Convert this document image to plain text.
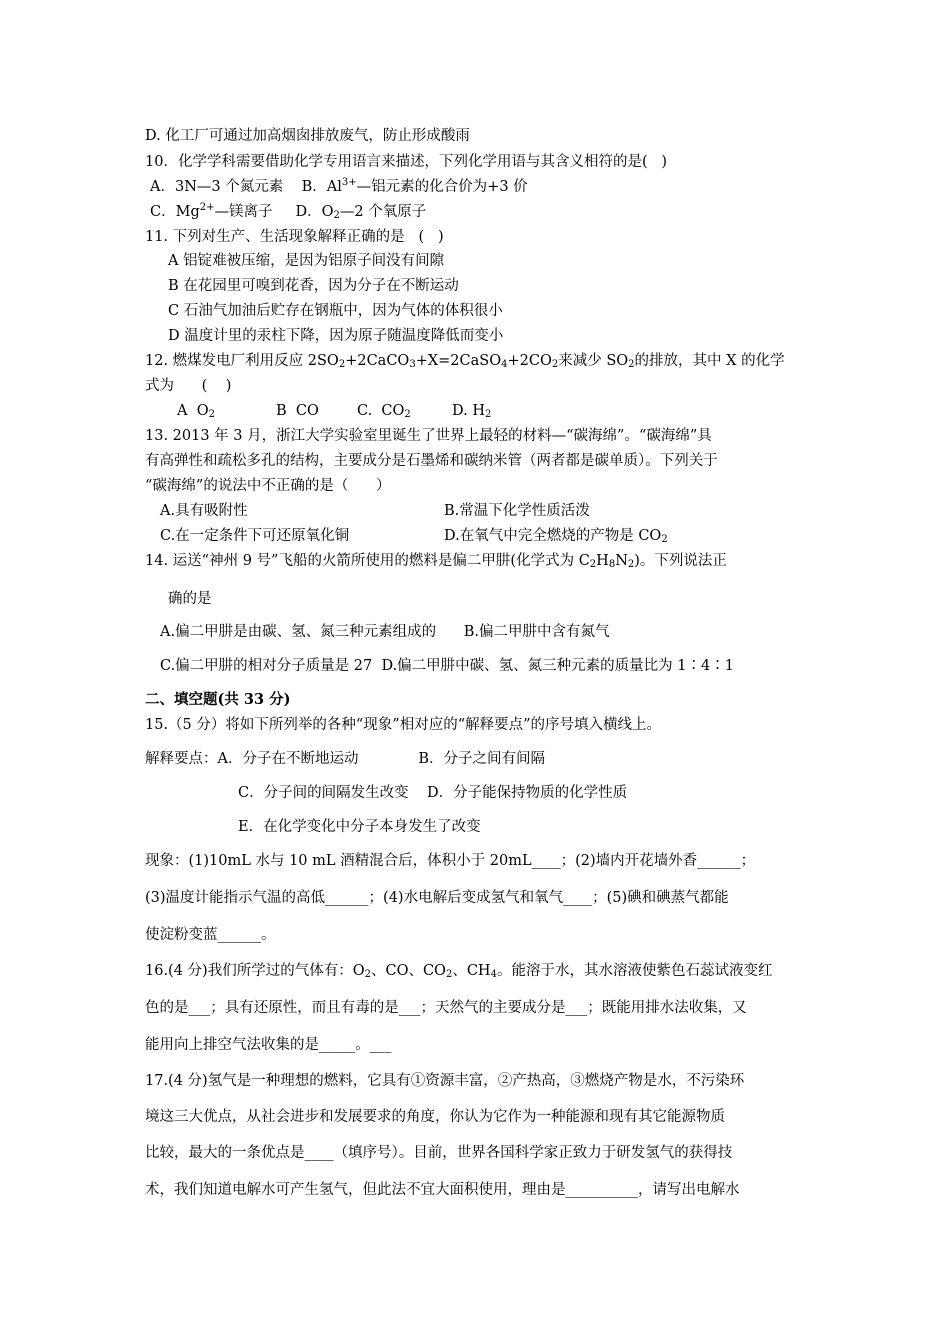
D. 化工厂可通过加高烟囱排放废气，防止形成酸雨
10．化学学科需要借助化学专用语言来描述，下列化学用语与其含义相符的是(   )
A．3N—3 个氮元素    B．$Al^{3+}—$铝元素的化合价为+3 价
C．$Mg^{2+}—$镁离子     D．$O_2—2$ 个氧原子
11. 下列对生产、生活现象解释正确的是   (   )
A 铝锭难被压缩，是因为铝原子间没有间隙
B 在花园里可嗅到花香，因为分子在不断运动
C 石油气加油后贮存在钢瓶中，因为气体的体积很小
D 温度计里的汞柱下降，因为原子随温度降低而变小
12. 燃煤发电厂利用反应 $2SO_2+2CaCO_3+X=2CaSO_4+2CO_2$来减少 $SO_2$的排放，其中 X 的化学
式为      (    )
A  $O_2$	B  CO	C.  $CO_2$	D. $H_2$
13. 2013 年 3 月，浙江大学实验室里诞生了世界上最轻的材料—“碳海绵”。“碳海绵”具
有高弹性和疏松多孔的结构，主要成分是石墨烯和碳纳米管（两者都是碳单质）。下列关于
“碳海绵”的说法中不正确的是（      ）
A.具有吸附性	B.常温下化学性质活泼
C.在一定条件下可还原氧化铜	D.在氧气中完全燃烧的产物是 $CO_2$
14. 运送“神州 9 号”飞船的火箭所使用的燃料是偏二甲肼(化学式为 $C_2H_8N_2$)。下列说法正
确的是
A.偏二甲肼是由碳、氢、氮三种元素组成的      B.偏二甲肼中含有氮气
C.偏二甲肼的相对分子质量是 27  D.偏二甲肼中碳、氢、氮三种元素的质量比为 1∶4∶1
二、填空题(共 33 分)
15.（5 分）将如下所列举的各种“现象”相对应的“解释要点”的序号填入横线上。
解释要点：A．分子在不断地运动             B．分子之间有间隔
C．分子间的间隔发生改变    D．分子能保持物质的化学性质
E．在化学变化中分子本身发生了改变
现象：(1)10mL 水与 10 mL 酒精混合后，体积小于 20mL____；(2)墙内开花墙外香______；
(3)温度计能指示气温的高低______；(4)水电解后变成氢气和氧气____；(5)碘和碘蒸气都能
使淀粉变蓝______。
16.(4 分)我们所学过的气体有：$O_2$、CO、$CO_2$、$CH_4$。能溶于水，其水溶液使紫色石蕊试液变红
色的是___；具有还原性，而且有毒的是___；天然气的主要成分是___；既能用排水法收集，又
能用向上排空气法收集的是_____。___
17.(4 分)氢气是一种理想的燃料，它具有①资源丰富，②产热高，③燃烧产物是水，不污染环
境这三大优点，从社会进步和发展要求的角度，你认为它作为一种能源和现有其它能源物质
比较，最大的一条优点是____（填序号）。目前，世界各国科学家正致力于研发氢气的获得技
术，我们知道电解水可产生氢气，但此法不宜大面积使用，理由是__________，请写出电解水
